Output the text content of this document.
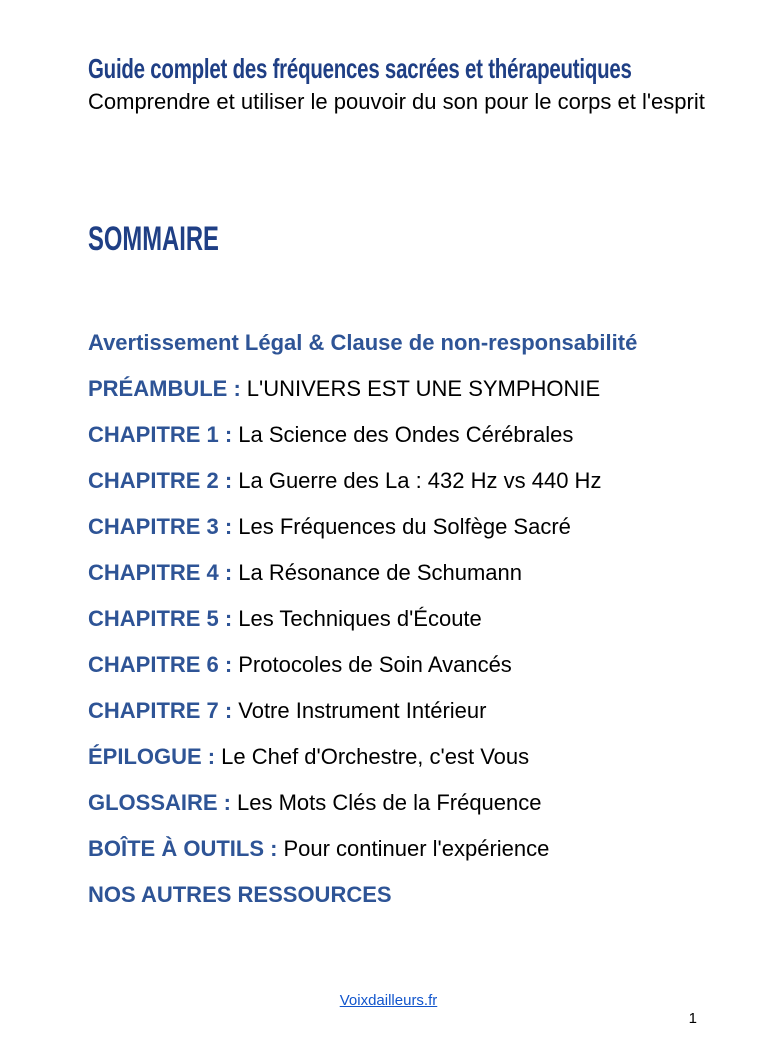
Guide complet des fréquences sacrées et thérapeutiques

Comprendre et utiliser le pouvoir du son pour le corps et l'esprit

SOMMAIRE
Avertissement Légal & Clause de non-responsabilité
PRÉAMBULE : L'UNIVERS EST UNE SYMPHONIE
CHAPITRE 1 : La Science des Ondes Cérébrales
CHAPITRE 2 : La Guerre des La : 432 Hz vs 440 Hz
CHAPITRE 3 : Les Fréquences du Solfège Sacré
CHAPITRE 4 : La Résonance de Schumann
CHAPITRE 5 : Les Techniques d'Écoute
CHAPITRE 6 : Protocoles de Soin Avancés
CHAPITRE 7 : Votre Instrument Intérieur
ÉPILOGUE : Le Chef d'Orchestre, c'est Vous
GLOSSAIRE : Les Mots Clés de la Fréquence
BOÎTE À OUTILS : Pour continuer l'expérience
NOS AUTRES RESSOURCES
Voixdailleurs.fr
1
